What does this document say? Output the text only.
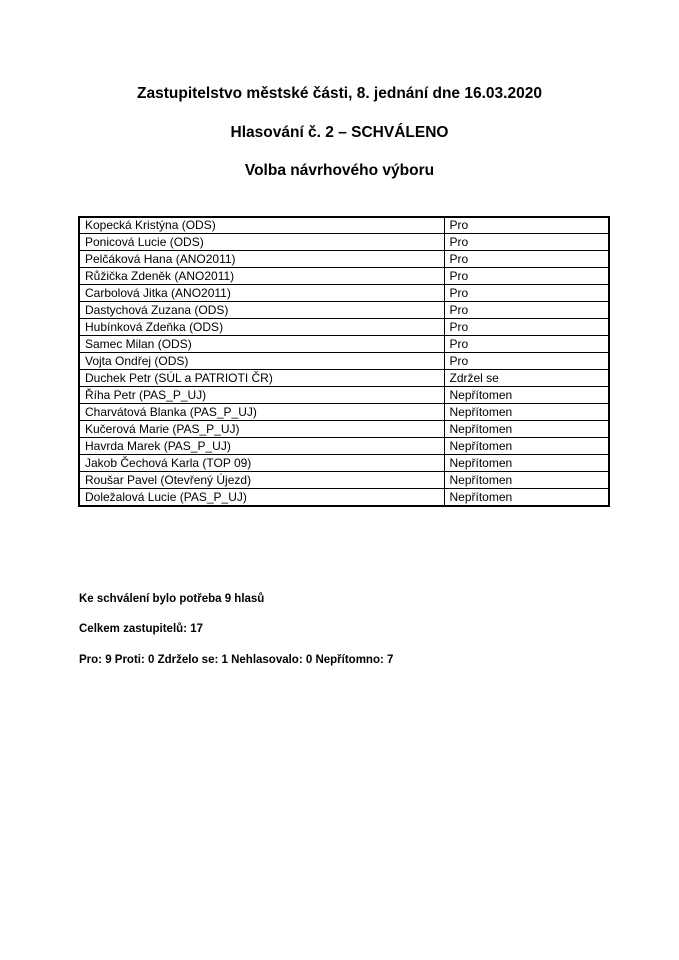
Zastupitelstvo městské části, 8. jednání dne 16.03.2020
Hlasování č. 2 – SCHVÁLENO
Volba návrhového výboru
Kopecká Kristýna (ODS)	Pro
Ponicová Lucie (ODS)	Pro
Pelčáková Hana (ANO2011)	Pro
Růžička Zdeněk (ANO2011)	Pro
Carbolová Jitka (ANO2011)	Pro
Dastychová Zuzana (ODS)	Pro
Hubínková Zdeňka (ODS)	Pro
Samec Milan (ODS)	Pro
Vojta Ondřej (ODS)	Pro
Duchek Petr (SÚL a PATRIOTI ČR)	Zdržel se
Říha Petr (PAS_P_UJ)	Nepřítomen
Charvátová Blanka (PAS_P_UJ)	Nepřítomen
Kučerová Marie (PAS_P_UJ)	Nepřítomen
Havrda Marek (PAS_P_UJ)	Nepřítomen
Jakob Čechová Karla (TOP 09)	Nepřítomen
Roušar Pavel (Otevřený Újezd)	Nepřítomen
Doležalová Lucie (PAS_P_UJ)	Nepřítomen
Ke schválení bylo potřeba 9 hlasů
Celkem zastupitelů: 17
Pro: 9 Proti: 0 Zdrželo se: 1 Nehlasovalo: 0 Nepřítomno: 7
